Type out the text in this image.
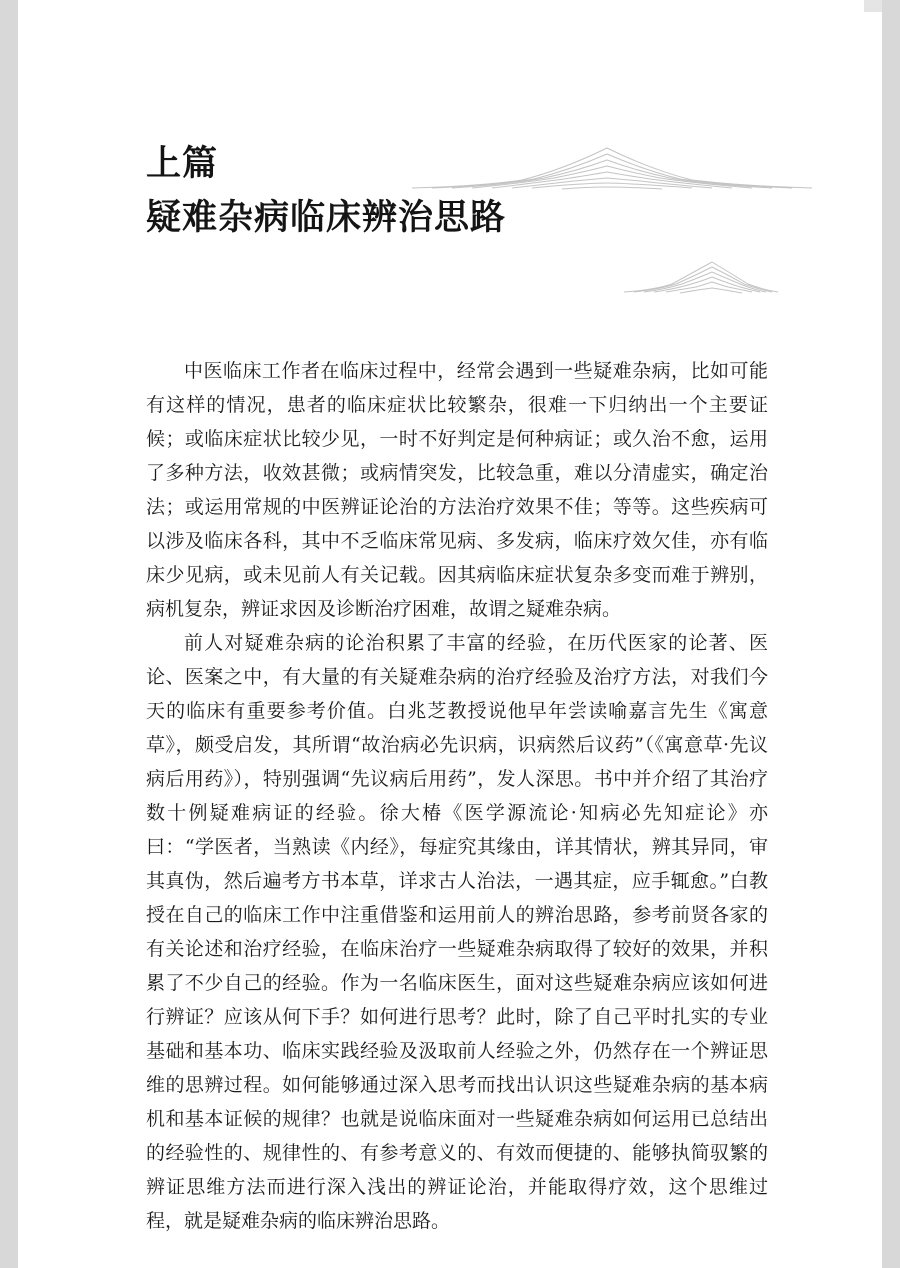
上篇
疑难杂病临床辨治思路

中医临床工作者在临床过程中，经常会遇到一些疑难杂病，比如可能有这样的情况，患者的临床症状比较繁杂，很难一下归纳出一个主要证候；或临床症状比较少见，一时不好判定是何种病证；或久治不愈，运用了多种方法，收效甚微；或病情突发，比较急重，难以分清虚实，确定治法；或运用常规的中医辨证论治的方法治疗效果不佳；等等。这些疾病可以涉及临床各科，其中不乏临床常见病、多发病，临床疗效欠佳，亦有临床少见病，或未见前人有关记载。因其病临床症状复杂多变而难于辨别，病机复杂，辨证求因及诊断治疗困难，故谓之疑难杂病。

前人对疑难杂病的论治积累了丰富的经验，在历代医家的论著、医论、医案之中，有大量的有关疑难杂病的治疗经验及治疗方法，对我们今天的临床有重要参考价值。白兆芝教授说他早年尝读喻嘉言先生《寓意草》，颇受启发，其所谓“故治病必先识病，识病然后议药”（《寓意草·先议病后用药》），特别强调“先议病后用药”，发人深思。书中并介绍了其治疗数十例疑难病证的经验。徐大椿《医学源流论·知病必先知症论》亦曰：“学医者，当熟读《内经》，每症究其缘由，详其情状，辨其异同，审其真伪，然后遍考方书本草，详求古人治法，一遇其症，应手辄愈。”白教授在自己的临床工作中注重借鉴和运用前人的辨治思路，参考前贤各家的有关论述和治疗经验，在临床治疗一些疑难杂病取得了较好的效果，并积累了不少自己的经验。作为一名临床医生，面对这些疑难杂病应该如何进行辨证？应该从何下手？如何进行思考？此时，除了自己平时扎实的专业基础和基本功、临床实践经验及汲取前人经验之外，仍然存在一个辨证思维的思辨过程。如何能够通过深入思考而找出认识这些疑难杂病的基本病机和基本证候的规律？也就是说临床面对一些疑难杂病如何运用已总结出的经验性的、规律性的、有参考意义的、有效而便捷的、能够执简驭繁的辨证思维方法而进行深入浅出的辨证论治，并能取得疗效，这个思维过程，就是疑难杂病的临床辨治思路。
